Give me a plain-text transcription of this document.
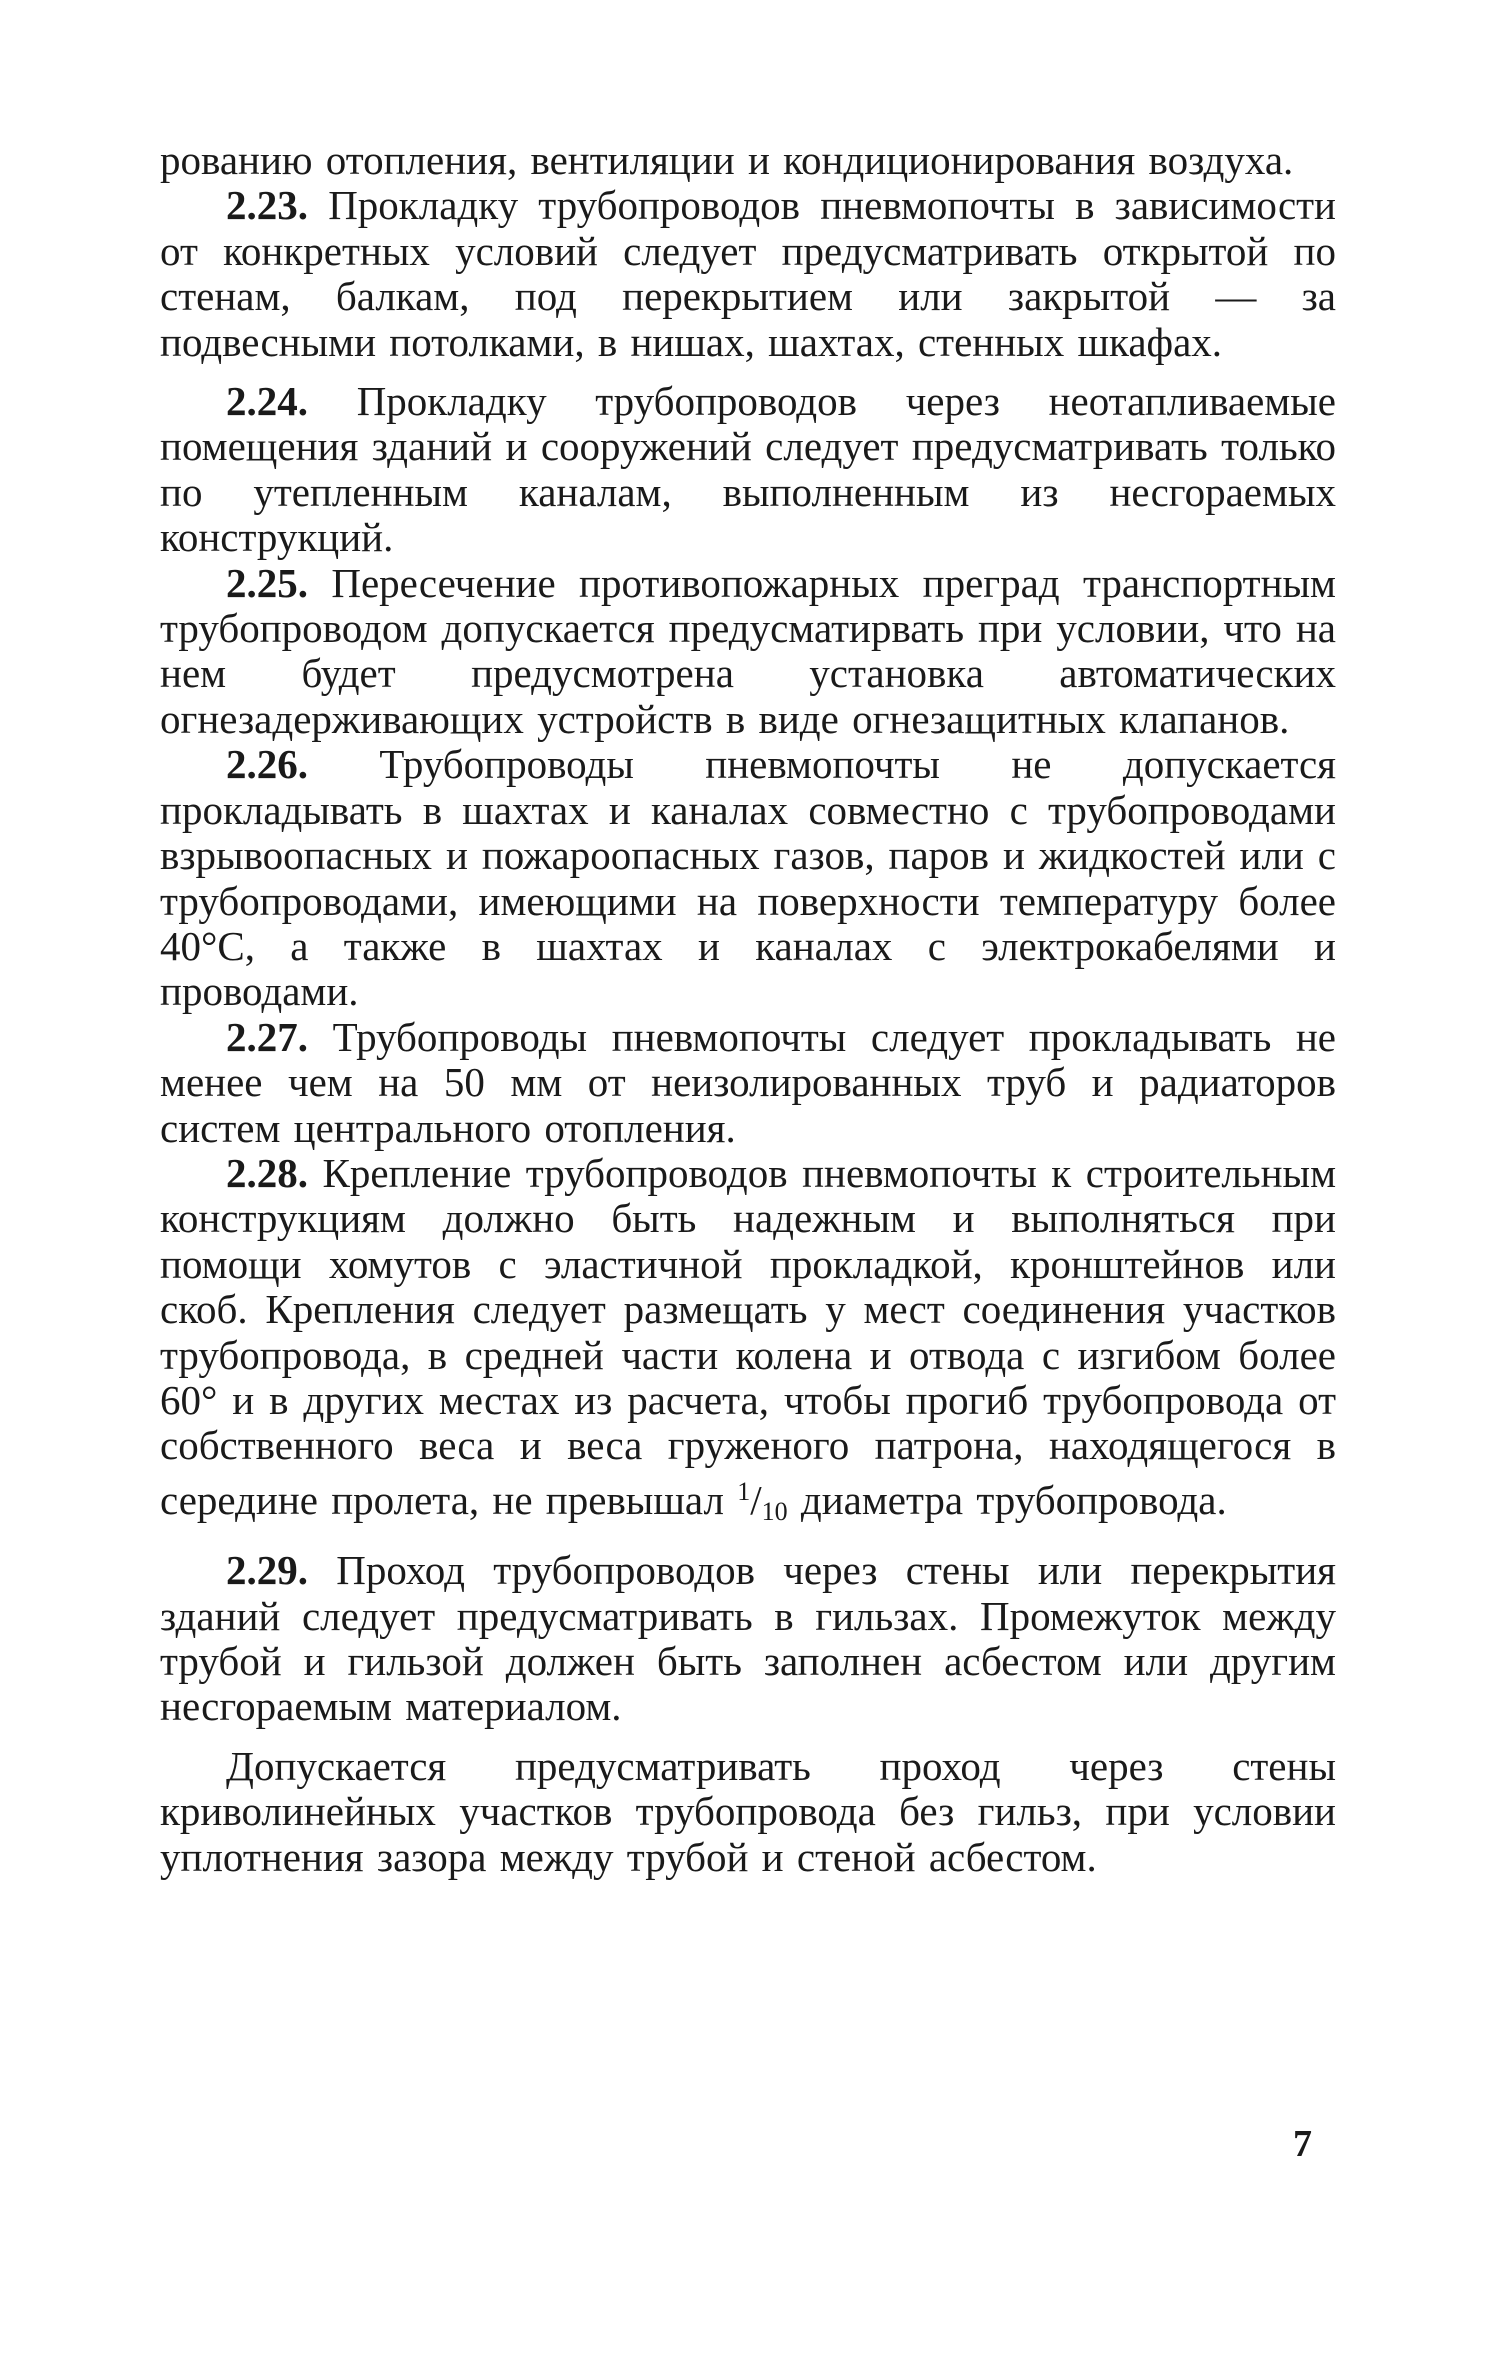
рованию отопления, вентиляции и кондиционирования воздуха.

2.23. Прокладку трубопроводов пневмопочты в зависимости от конкретных условий следует предусматривать открытой по стенам, балкам, под перекрытием или закрытой — за подвесными потолками, в нишах, шахтах, стенных шкафах.

2.24. Прокладку трубопроводов через неотапливаемые помещения зданий и сооружений следует предусматривать только по утепленным каналам, выполненным из несгораемых конструкций.

2.25. Пересечение противопожарных преград транспортным трубопроводом допускается предусматирвать при условии, что на нем будет предусмотрена установка автоматических огнезадерживающих устройств в виде огнезащитных клапанов.

2.26. Трубопроводы пневмопочты не допускается прокладывать в шахтах и каналах совместно с трубопроводами взрывоопасных и пожароопасных газов, паров и жидкостей или с трубопроводами, имеющими на поверхности температуру более 40°С, а также в шахтах и каналах с электрокабелями и проводами.

2.27. Трубопроводы пневмопочты следует прокладывать не менее чем на 50 мм от неизолированных труб и радиаторов систем центрального отопления.

2.28. Крепление трубопроводов пневмопочты к строительным конструкциям должно быть надежным и выполняться при помощи хомутов с эластичной прокладкой, кронштейнов или скоб. Крепления следует размещать у мест соединения участков трубопровода, в средней части колена и отвода с изгибом более 60° и в других местах из расчета, чтобы прогиб трубопровода от собственного веса и веса груженого патрона, находящегося в середине пролета, не превышал $^1$/10 диаметра трубопровода.

2.29. Проход трубопроводов через стены или перекрытия зданий следует предусматривать в гильзах. Промежуток между трубой и гильзой должен быть заполнен асбестом или другим несгораемым материалом.

Допускается предусматривать проход через стены криволинейных участков трубопровода без гильз, при условии уплотнения зазора между трубой и стеной асбестом.

7
